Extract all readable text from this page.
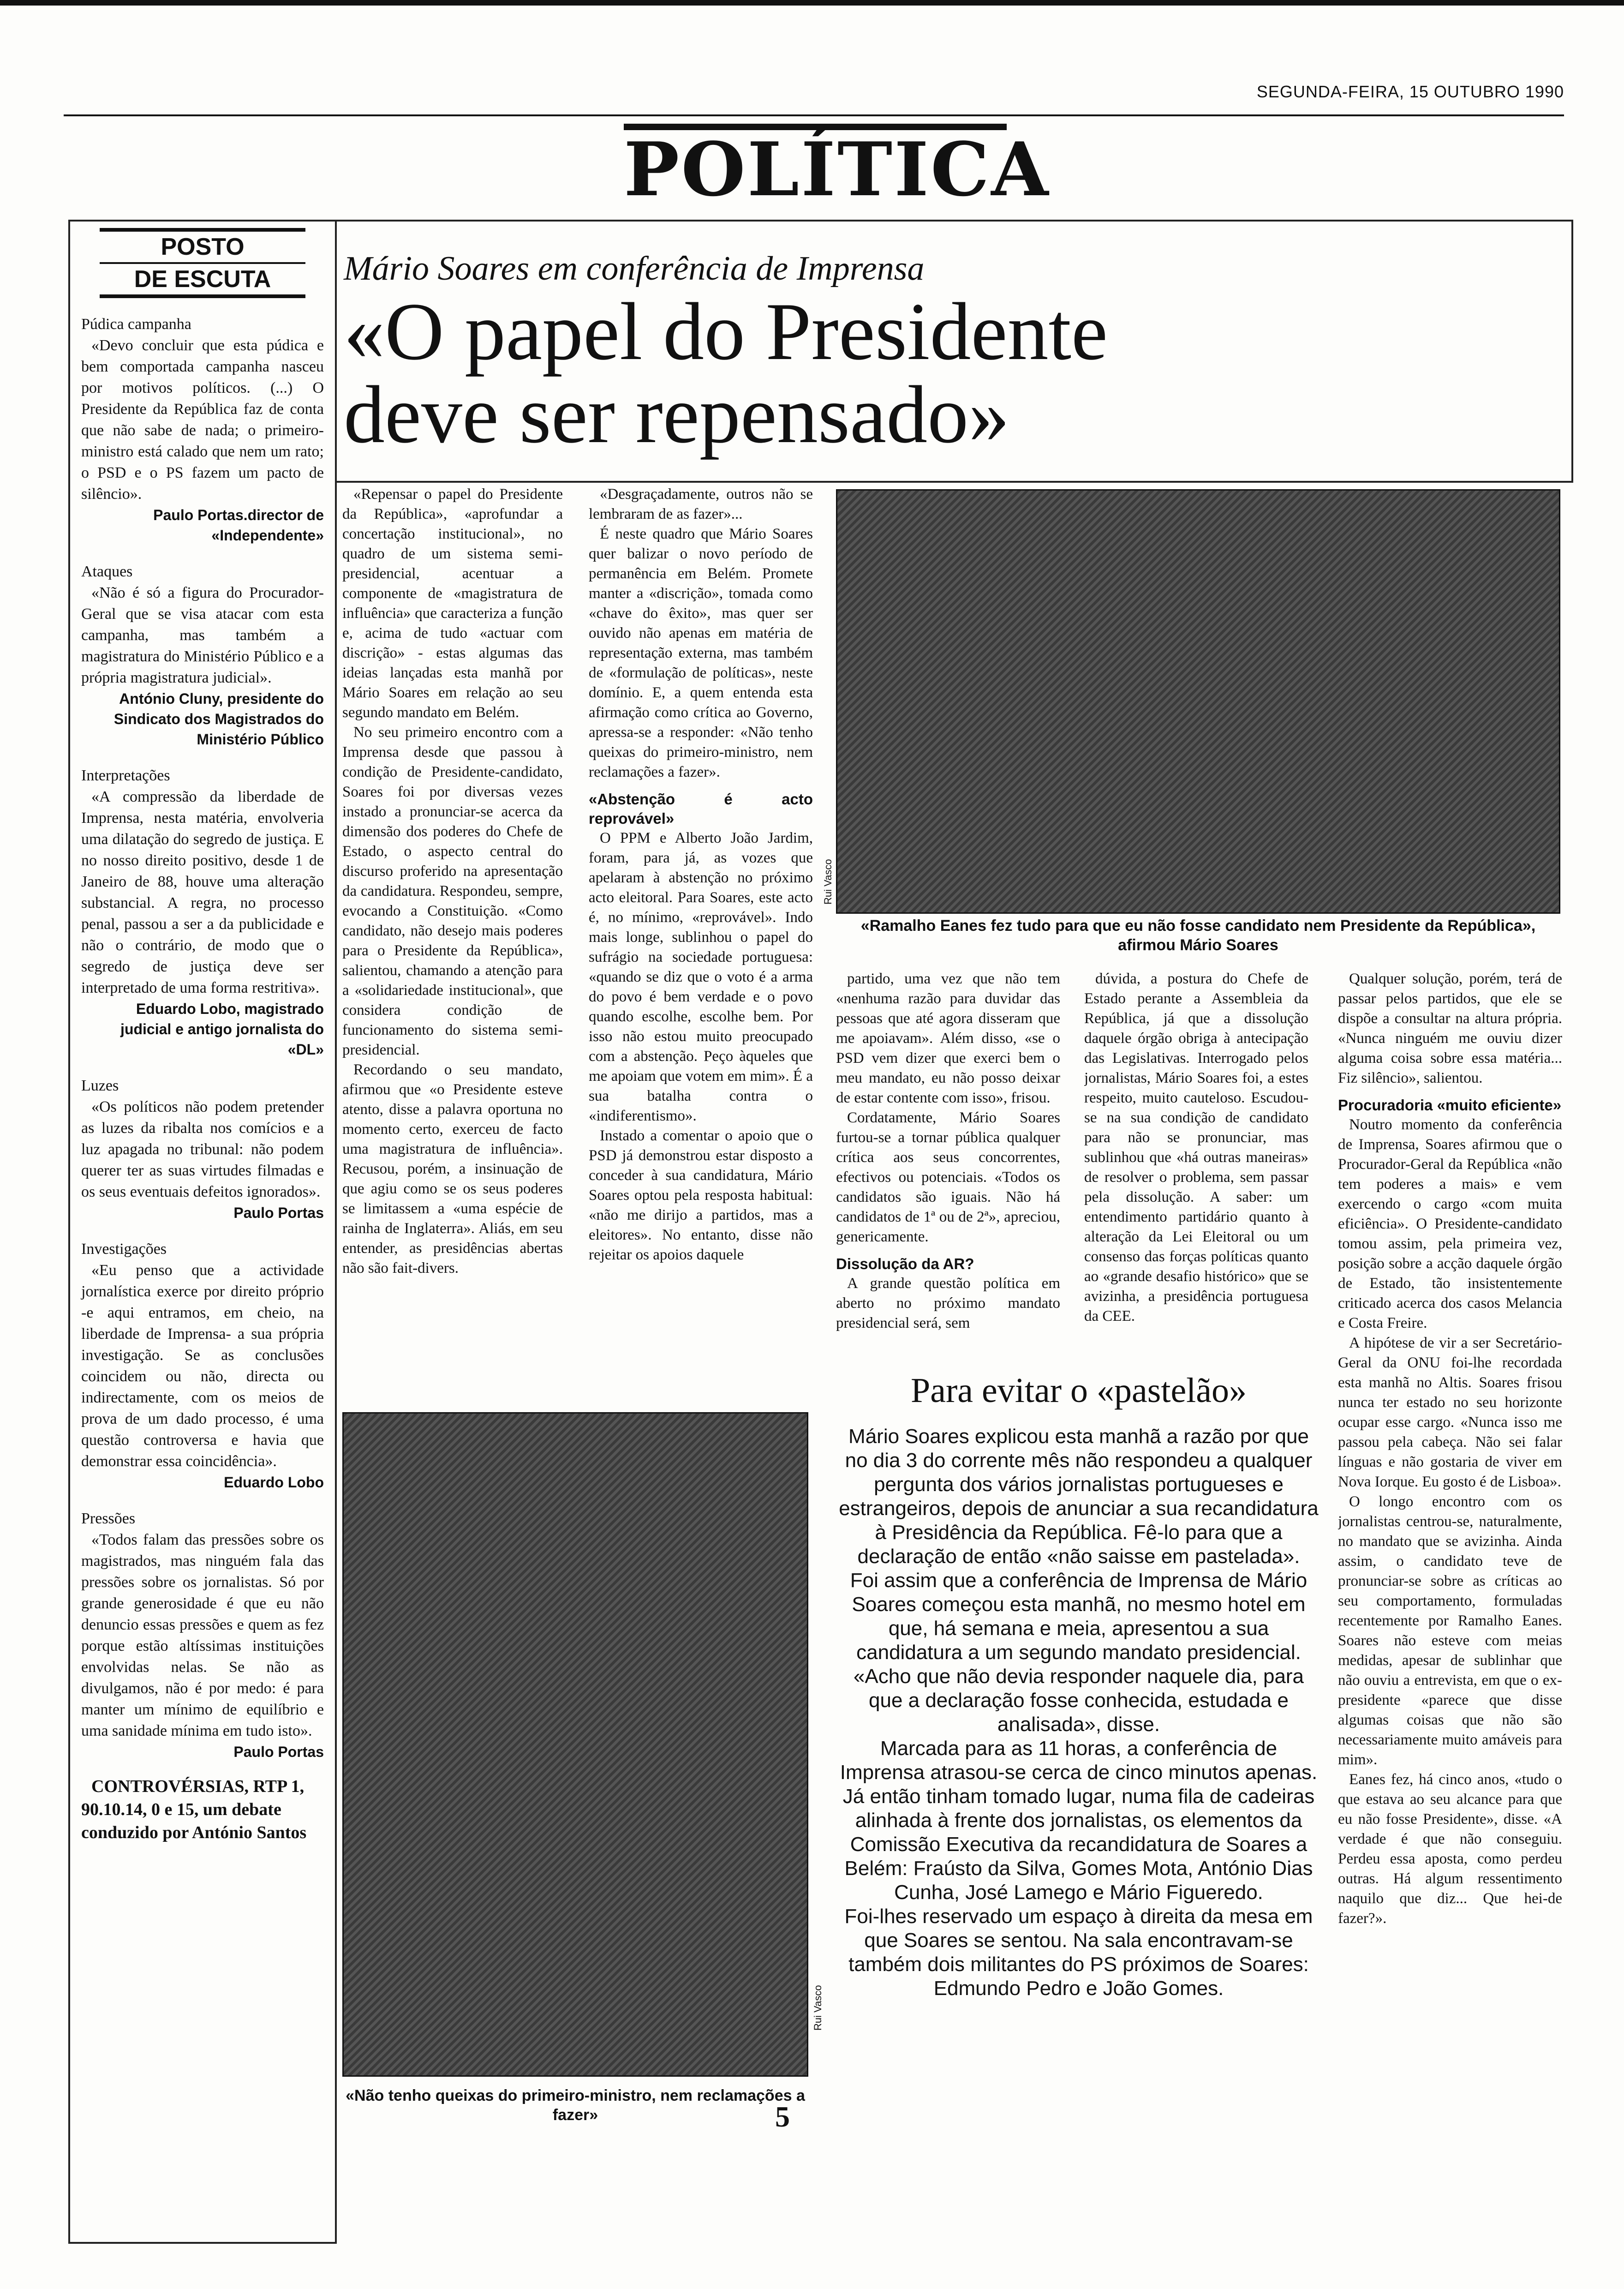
SEGUNDA-FEIRA, 15 OUTUBRO 1990
POLÍTICA
POSTO
DE ESCUTA
Púdica campanha
«Devo concluir que esta púdica e bem comportada campanha nasceu por motivos políticos. (...) O Presidente da República faz de conta que não sabe de nada; o primeiro-ministro está calado que nem um rato; o PSD e o PS fazem um pacto de silêncio».
Paulo Portas.director de «Independente»
Ataques
«Não é só a figura do Procurador-Geral que se visa atacar com esta campanha, mas também a magistratura do Ministério Público e a própria magistratura judicial».
António Cluny, presidente do Sindicato dos Magistrados do Ministério Público
Interpretações
«A compressão da liberdade de Imprensa, nesta matéria, envolveria uma dilatação do segredo de justiça. E no nosso direito positivo, desde 1 de Janeiro de 88, houve uma alteração substancial. A regra, no processo penal, passou a ser a da publicidade e não o contrário, de modo que o segredo de justiça deve ser interpretado de uma forma restritiva».
Eduardo Lobo, magistrado judicial e antigo jornalista do «DL»
Luzes
«Os políticos não podem pretender as luzes da ribalta nos comícios e a luz apagada no tribunal: não podem querer ter as suas virtudes filmadas e os seus eventuais defeitos ignorados».
Paulo Portas
Investigações
«Eu penso que a actividade jornalística exerce por direito próprio -e aqui entramos, em cheio, na liberdade de Imprensa- a sua própria investigação. Se as conclusões coincidem ou não, directa ou indirectamente, com os meios de prova de um dado processo, é uma questão controversa e havia que demonstrar essa coincidência».
Eduardo Lobo
Pressões
«Todos falam das pressões sobre os magistrados, mas ninguém fala das pressões sobre os jornalistas. Só por grande generosidade é que eu não denuncio essas pressões e quem as fez porque estão altíssimas instituições envolvidas nelas. Se não as divulgamos, não é por medo: é para manter um mínimo de equilíbrio e uma sanidade mínima em tudo isto».
Paulo Portas
CONTROVÉRSIAS, RTP 1, 90.10.14, 0 e 15, um debate conduzido por António Santos
Mário Soares em conferência de Imprensa
«O papel do Presidente
deve ser repensado»

«Repensar o papel do Presidente da República», «aprofundar a concertação institucional», no quadro de um sistema semi-presidencial, acentuar a componente de «magistratura de influência» que caracteriza a função e, acima de tudo «actuar com discrição» - estas algumas das ideias lançadas esta manhã por Mário Soares em relação ao seu segundo mandato em Belém.

No seu primeiro encontro com a Imprensa desde que passou à condição de Presidente-candidato, Soares foi por diversas vezes instado a pronunciar-se acerca da dimensão dos poderes do Chefe de Estado, o aspecto central do discurso proferido na apresentação da candidatura. Respondeu, sempre, evocando a Constituição. «Como candidato, não desejo mais poderes para o Presidente da República», salientou, chamando a atenção para a «solidariedade institucional», que considera condição de funcionamento do sistema semi-presidencial.

Recordando o seu mandato, afirmou que «o Presidente esteve atento, disse a palavra oportuna no momento certo, exerceu de facto uma magistratura de influência». Recusou, porém, a insinuação de que agiu como se os seus poderes se limitassem a «uma espécie de rainha de Inglaterra». Aliás, em seu entender, as presidências abertas não são fait-divers.

«Desgraçadamente, outros não se lembraram de as fazer»...

É neste quadro que Mário Soares quer balizar o novo período de permanência em Belém. Promete manter a «discrição», tomada como «chave do êxito», mas quer ser ouvido não apenas em matéria de representação externa, mas também de «formulação de políticas», neste domínio. E, a quem entenda esta afirmação como crítica ao Governo, apressa-se a responder: «Não tenho queixas do primeiro-ministro, nem reclamações a fazer».

«Abstenção é acto reprovável»

O PPM e Alberto João Jardim, foram, para já, as vozes que apelaram à abstenção no próximo acto eleitoral. Para Soares, este acto é, no mínimo, «reprovável». Indo mais longe, sublinhou o papel do sufrágio na sociedade portuguesa: «quando se diz que o voto é a arma do povo é bem verdade e o povo quando escolhe, escolhe bem. Por isso não estou muito preocupado com a abstenção. Peço àqueles que me apoiam que votem em mim». É a sua batalha contra o «indiferentismo».

Instado a comentar o apoio que o PSD já demonstrou estar disposto a conceder à sua candidatura, Mário Soares optou pela resposta habitual: «não me dirijo a partidos, mas a eleitores». No entanto, disse não rejeitar os apoios daquele

Rui Vasco
«Ramalho Eanes fez tudo para que eu não fosse candidato nem Presidente da República», afirmou Mário Soares

partido, uma vez que não tem «nenhuma razão para duvidar das pessoas que até agora disseram que me apoiavam». Além disso, «se o PSD vem dizer que exerci bem o meu mandato, eu não posso deixar de estar contente com isso», frisou.

Cordatamente, Mário Soares furtou-se a tornar pública qualquer crítica aos seus concorrentes, efectivos ou potenciais. «Todos os candidatos são iguais. Não há candidatos de 1ª ou de 2ª», apreciou, genericamente.

Dissolução da AR?

A grande questão política em aberto no próximo mandato presidencial será, sem

dúvida, a postura do Chefe de Estado perante a Assembleia da República, já que a dissolução daquele órgão obriga à antecipação das Legislativas. Interrogado pelos jornalistas, Mário Soares foi, a estes respeito, muito cauteloso. Escudou-se na sua condição de candidato para não se pronunciar, mas sublinhou que «há outras maneiras» de resolver o problema, sem passar pela dissolução. A saber: um entendimento partidário quanto à alteração da Lei Eleitoral ou um consenso das forças políticas quanto ao «grande desafio histórico» que se avizinha, a presidência portuguesa da CEE.

Qualquer solução, porém, terá de passar pelos partidos, que ele se dispõe a consultar na altura própria. «Nunca ninguém me ouviu dizer alguma coisa sobre essa matéria... Fiz silêncio», salientou.

Procuradoria «muito eficiente»

Noutro momento da conferência de Imprensa, Soares afirmou que o Procurador-Geral da República «não tem poderes a mais» e vem exercendo o cargo «com muita eficiência». O Presidente-candidato tomou assim, pela primeira vez, posição sobre a acção daquele órgão de Estado, tão insistentemente criticado acerca dos casos Melancia e Costa Freire.

A hipótese de vir a ser Secretário-Geral da ONU foi-lhe recordada esta manhã no Altis. Soares frisou nunca ter estado no seu horizonte ocupar esse cargo. «Nunca isso me passou pela cabeça. Não sei falar línguas e não gostaria de viver em Nova Iorque. Eu gosto é de Lisboa».

O longo encontro com os jornalistas centrou-se, naturalmente, no mandato que se avizinha. Ainda assim, o candidato teve de pronunciar-se sobre as críticas ao seu comportamento, formuladas recentemente por Ramalho Eanes. Soares não esteve com meias medidas, apesar de sublinhar que não ouviu a entrevista, em que o ex-presidente «parece que disse algumas coisas que não são necessariamente muito amáveis para mim».

Eanes fez, há cinco anos, «tudo o que estava ao seu alcance para que eu não fosse Presidente», disse. «A verdade é que não conseguiu. Perdeu essa aposta, como perdeu outras. Há algum ressentimento naquilo que diz... Que hei-de fazer?».

Rui Vasco
«Não tenho queixas do primeiro-ministro, nem reclamações a fazer»
Para evitar o «pastelão»

Mário Soares explicou esta manhã a razão por que no dia 3 do corrente mês não respondeu a qualquer pergunta dos vários jornalistas portugueses e estrangeiros, depois de anunciar a sua recandidatura à Presidência da República. Fê-lo para que a declaração de então «não saisse em pastelada».

Foi assim que a conferência de Imprensa de Mário Soares começou esta manhã, no mesmo hotel em que, há semana e meia, apresentou a sua candidatura a um segundo mandato presidencial. «Acho que não devia responder naquele dia, para que a declaração fosse conhecida, estudada e analisada», disse.

Marcada para as 11 horas, a conferência de Imprensa atrasou-se cerca de cinco minutos apenas. Já então tinham tomado lugar, numa fila de cadeiras alinhada à frente dos jornalistas, os elementos da Comissão Executiva da recandidatura de Soares a Belém: Fraústo da Silva, Gomes Mota, António Dias Cunha, José Lamego e Mário Figueredo.

Foi-lhes reservado um espaço à direita da mesa em que Soares se sentou. Na sala encontravam-se também dois militantes do PS próximos de Soares: Edmundo Pedro e João Gomes.

5
